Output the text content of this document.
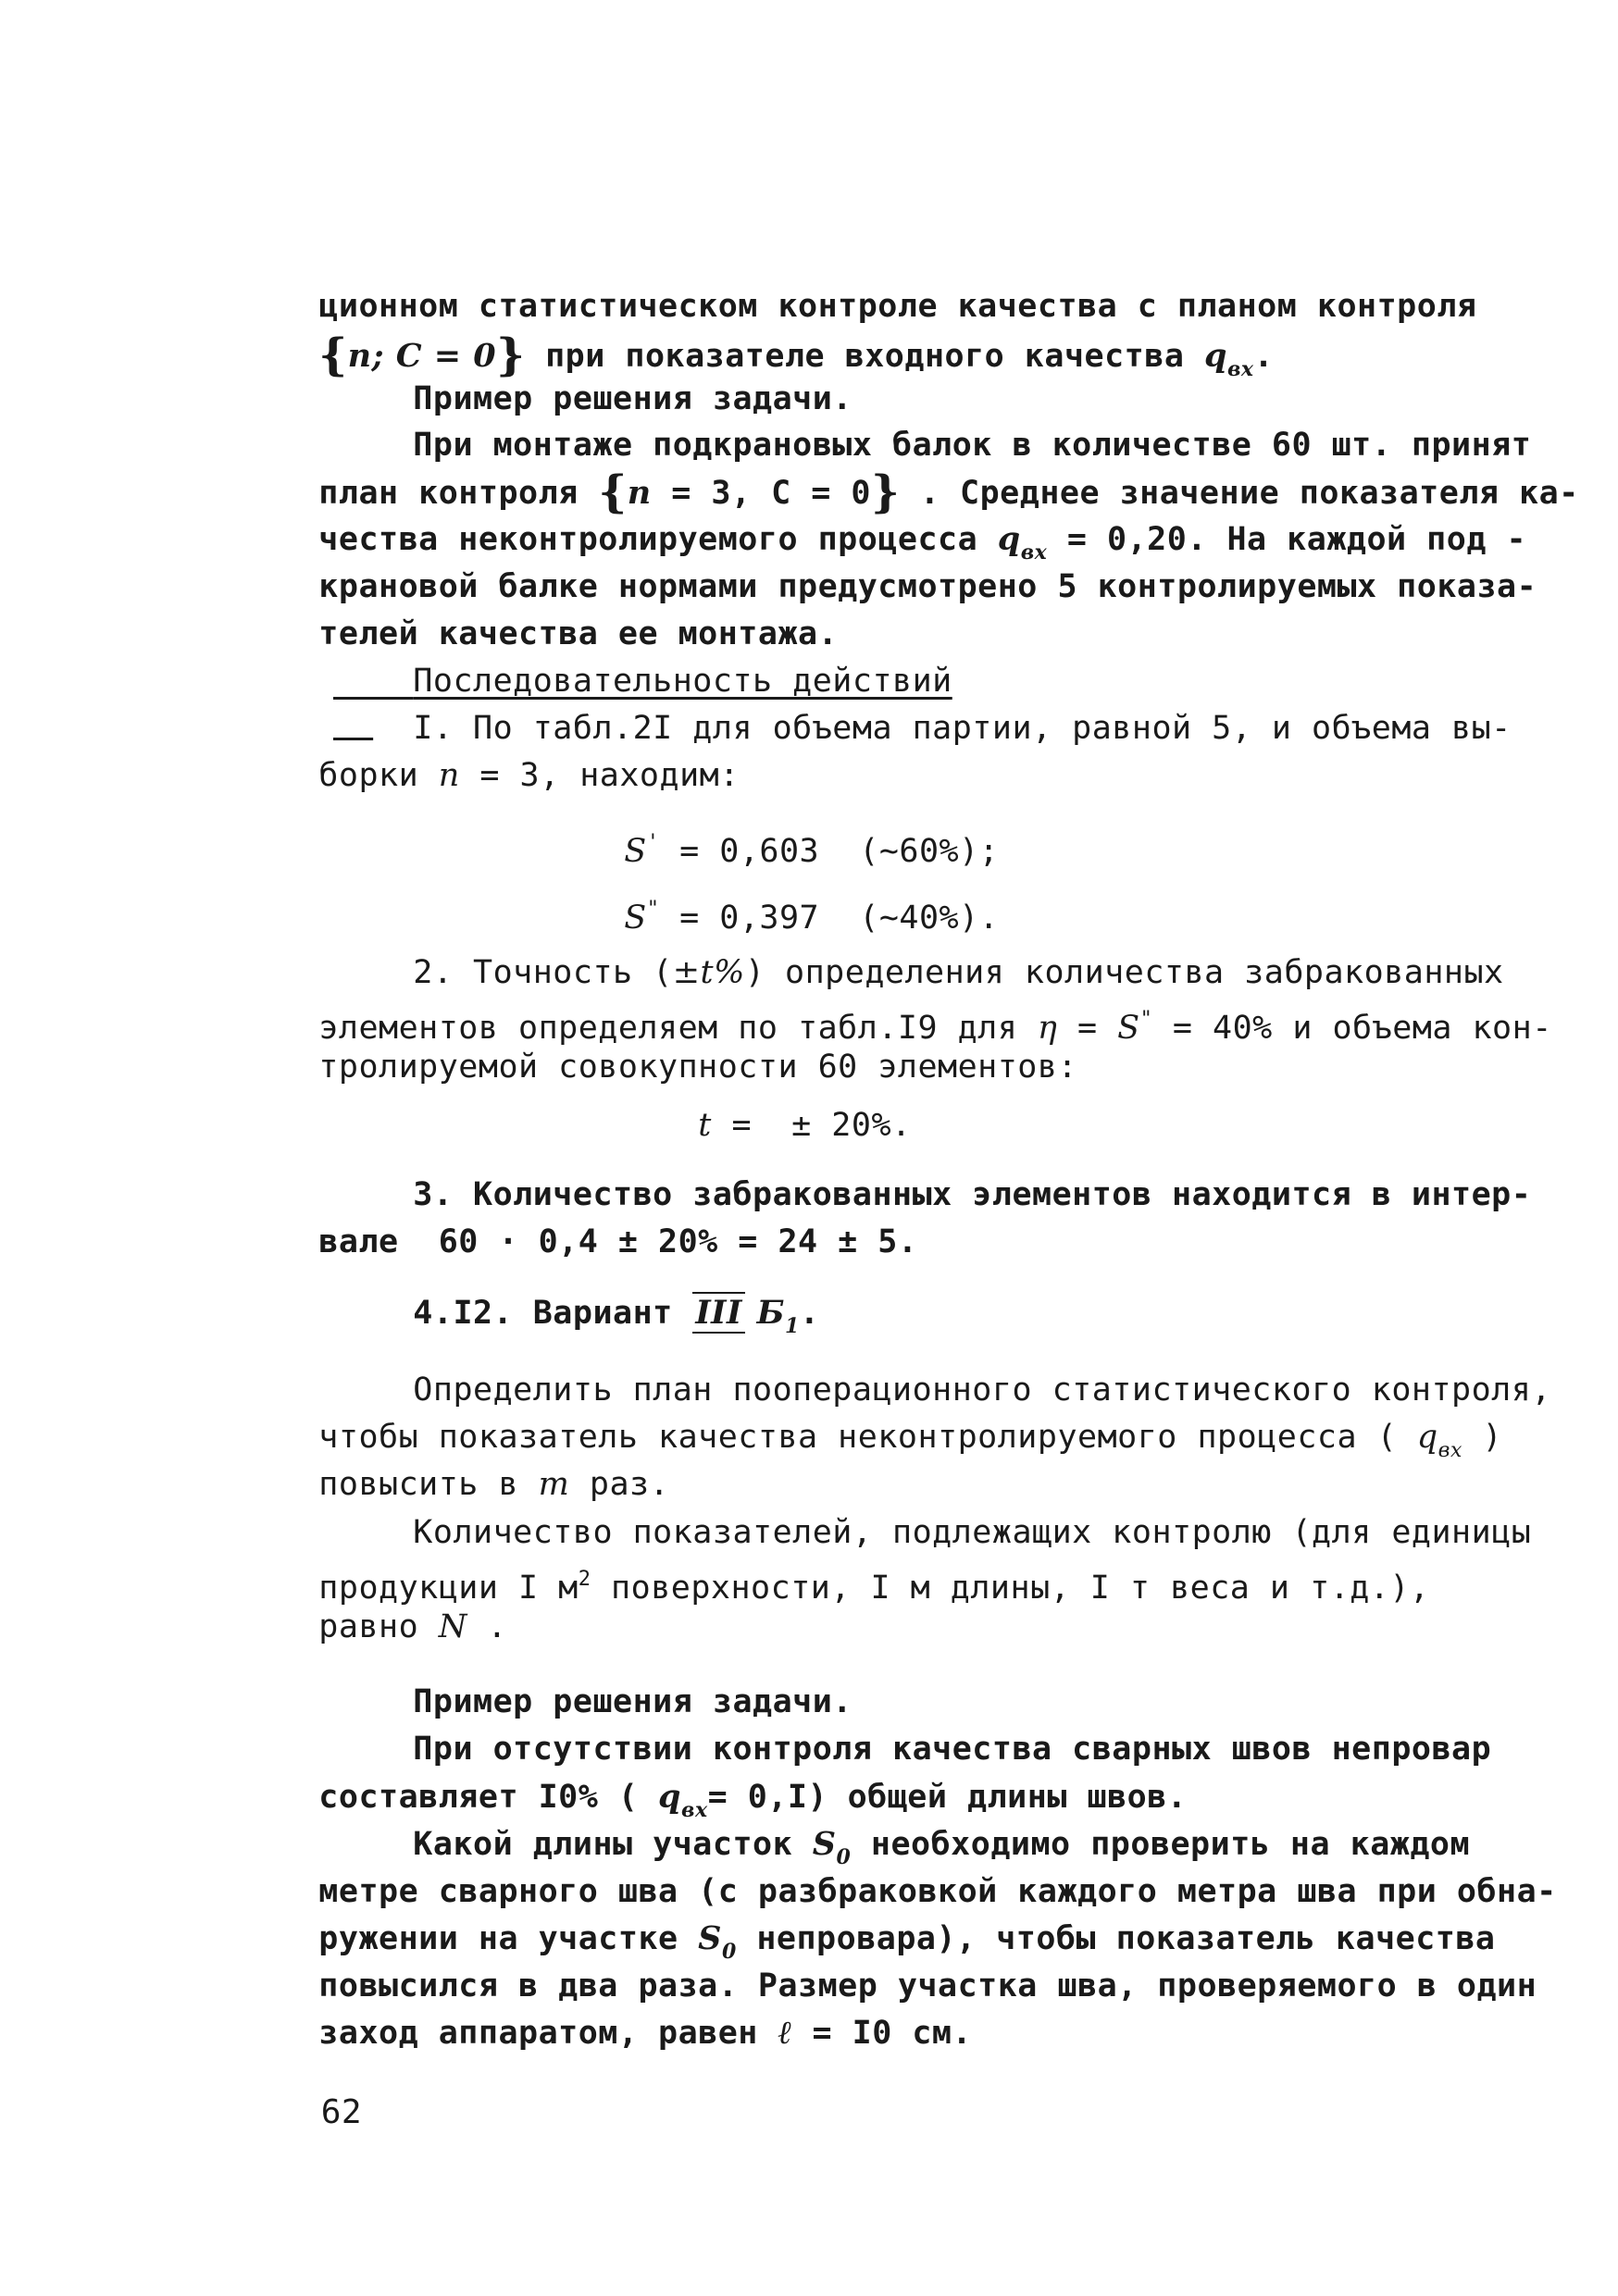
ционном статистическом контроле качества с планом контроля

{n; C = 0} при показателе входного качества $q_{вх}$.

Пример решения задачи.

При монтаже подкрановых балок в количестве 60 шт. принят

план контроля {n = 3, C = 0} . Среднее значение показателя ка-

чества неконтролируемого процесса $q_{вх} = 0,20$. На каждой под -

крановой балке нормами предусмотрено 5 контролируемых показа-

телей качества ее монтажа.

Последовательность действий

I. По табл.2I для объема партии, равной 5, и объема вы-

борки n = 3, находим:

S' = 0,603  (~60%);

S" = 0,397  (~40%).

2. Точность (±t%) определения количества забракованных

элементов определяем по табл.I9 для η = S" = 40% и объема кон-

тролируемой совокупности 60 элементов:

t =  ± 20%.

3. Количество забракованных элементов находится в интер-

вале  60 · 0,4 ± 20% = 24 ± 5.

4.I2. Вариант III $Б_1$.

Определить план пооперационного статистического контроля,

чтобы показатель качества неконтролируемого процесса ( $q_{вх}$ )

повысить в m раз.

Количество показателей, подлежащих контролю (для единицы

продукции I $м^2$ поверхности, I м длины, I т веса и т.д.),

равно N .

Пример решения задачи.

При отсутствии контроля качества сварных швов непровар

составляет I0% ( $q_{вх}= 0,I$) общей длины швов.

Какой длины участок $S_0$ необходимо проверить на каждом

метре сварного шва (с разбраковкой каждого метра шва при обна-

ружении на участке $S_0$ непровара), чтобы показатель качества

повысился в два раза. Размер участка шва, проверяемого в один

заход аппаратом, равен ℓ = I0 см.

62
